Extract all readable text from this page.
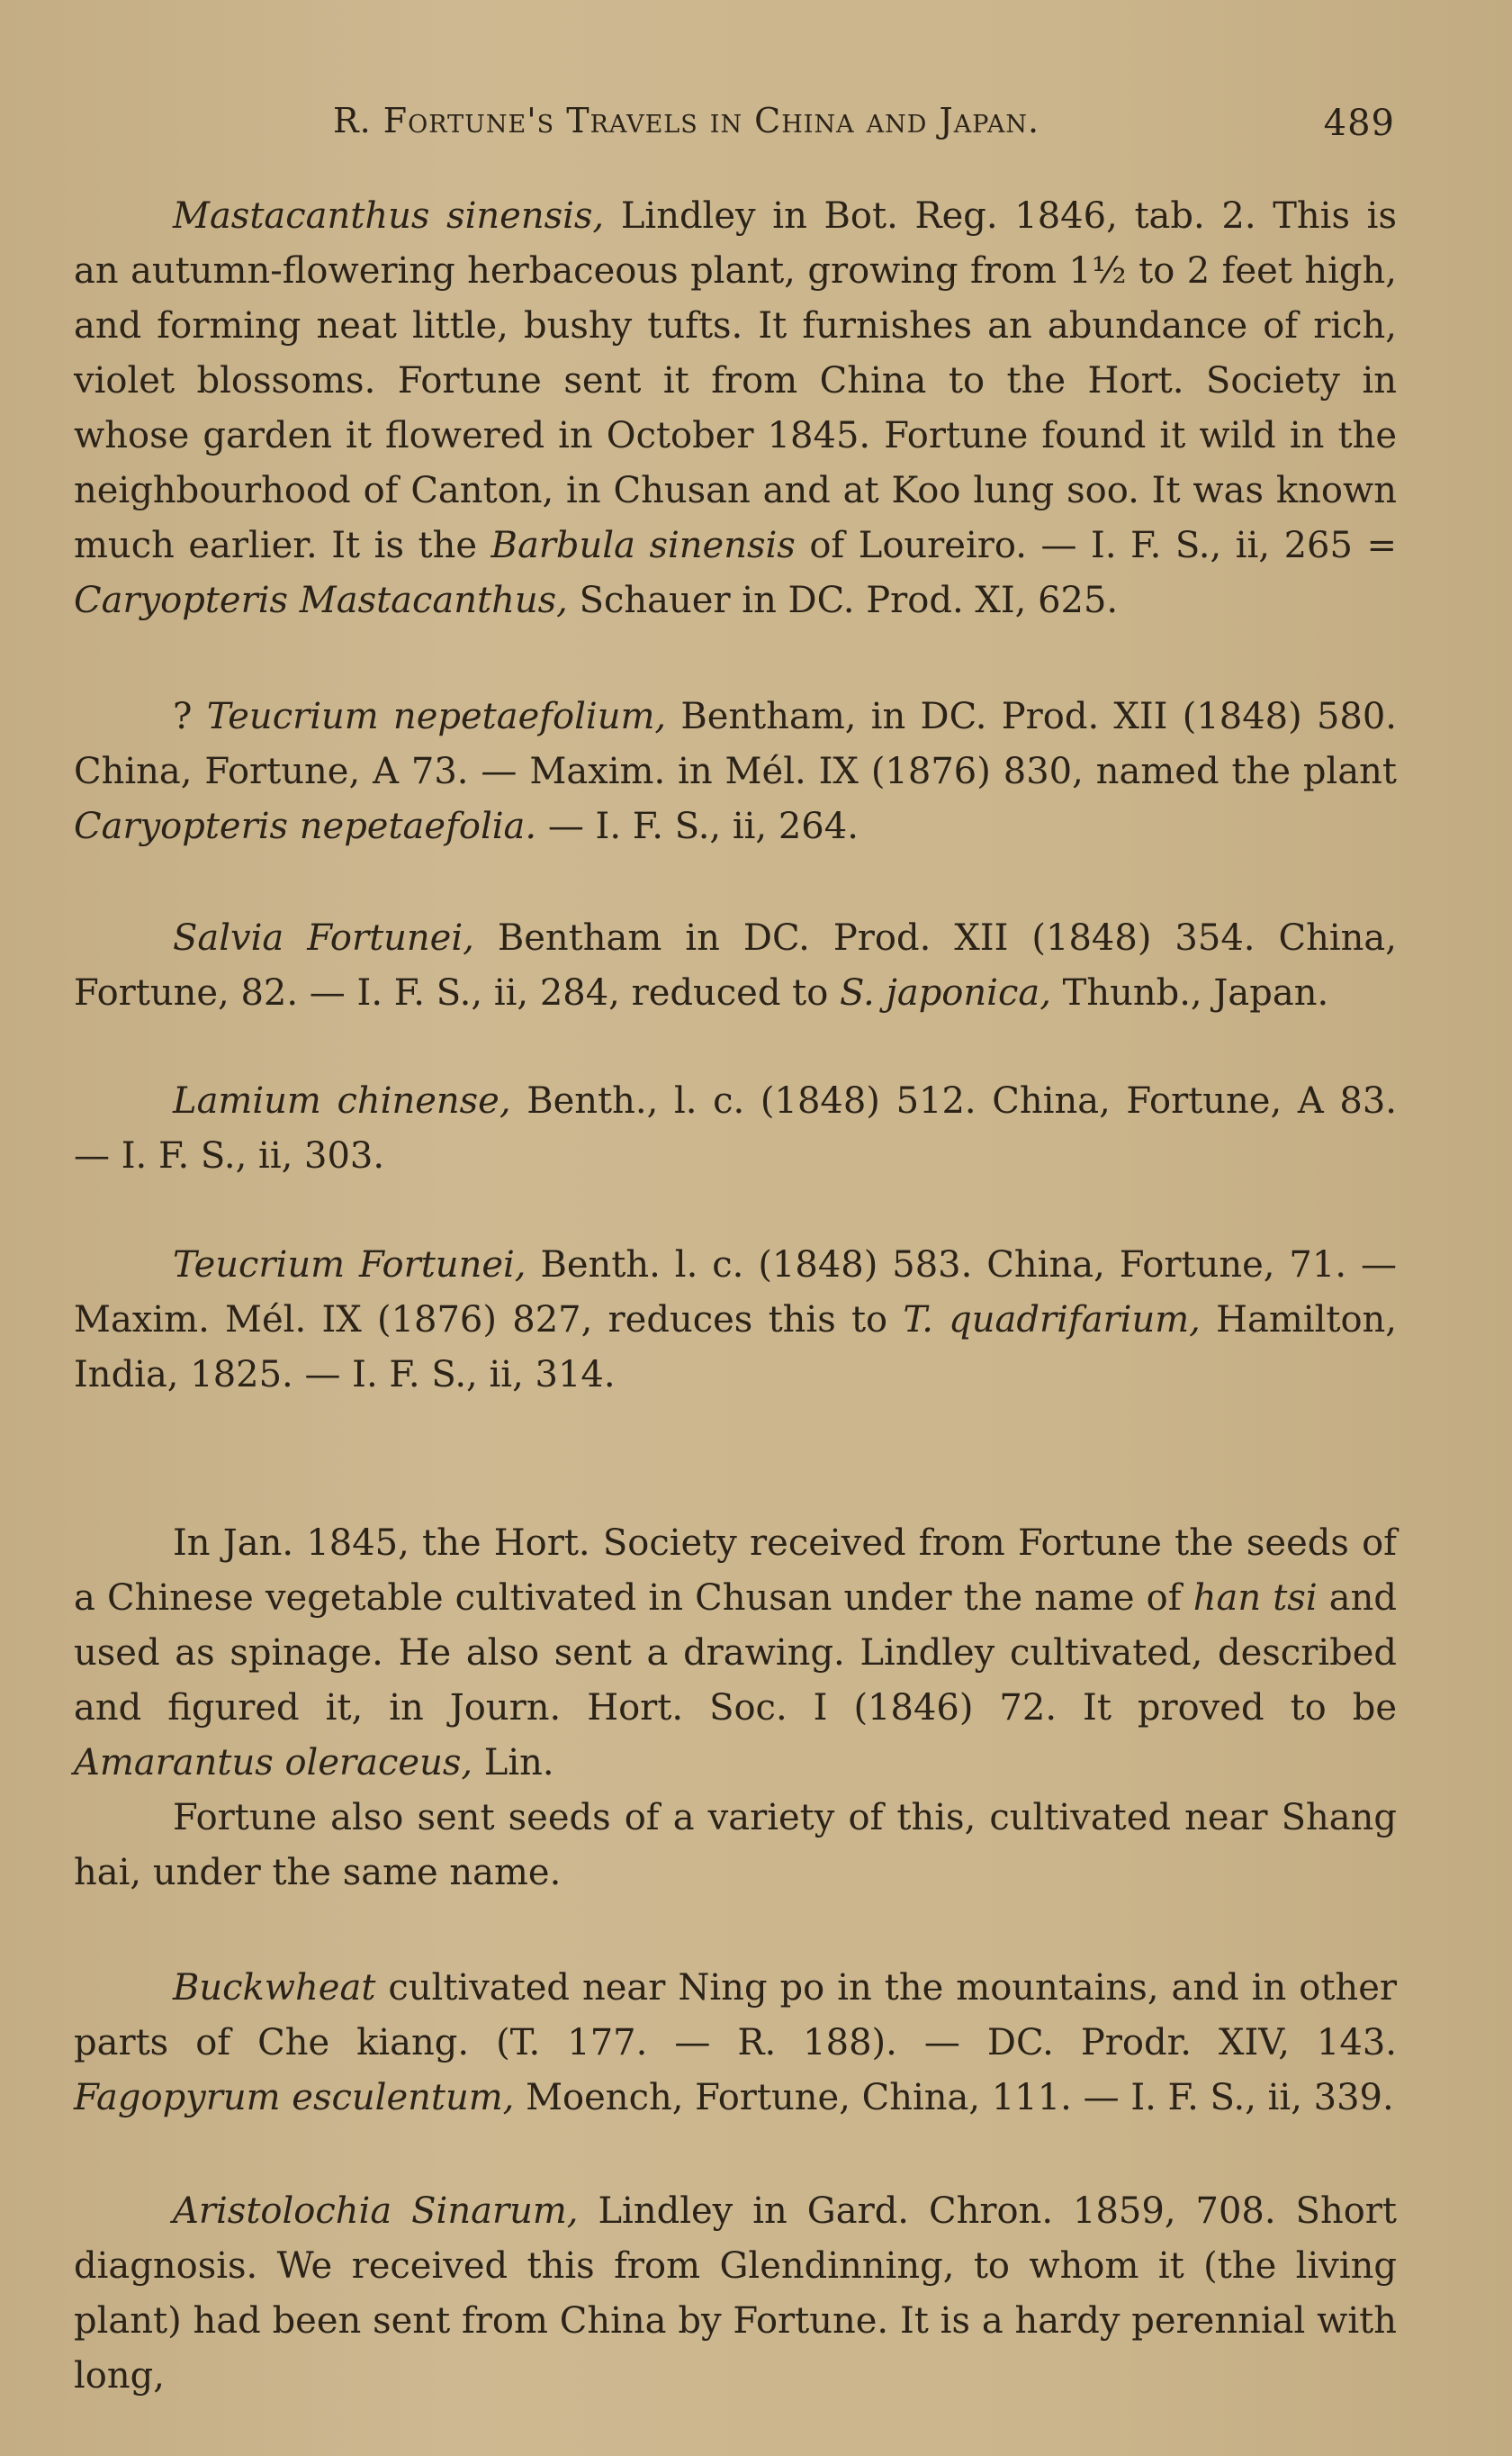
R. Fortune's Travels in China and Japan.	489

Mastacanthus sinensis, Lindley in Bot. Reg. 1846, tab. 2. This is an autumn-flowering herbaceous plant, growing from 1½ to 2 feet high, and forming neat little, bushy tufts. It furnishes an abundance of rich, violet blossoms. Fortune sent it from China to the Hort. Society in whose garden it flowered in October 1845. Fortune found it wild in the neighbourhood of Canton, in Chusan and at Koo lung soo. It was known much earlier. It is the Barbula sinensis of Loureiro. — I. F. S., ii, 265 = Caryopteris Mastacanthus, Schauer in DC. Prod. XI, 625.

? Teucrium nepetaefolium, Bentham, in DC. Prod. XII (1848) 580. China, Fortune, A 73. — Maxim. in Mél. IX (1876) 830, named the plant Caryopteris nepetaefolia. — I. F. S., ii, 264.

Salvia Fortunei, Bentham in DC. Prod. XII (1848) 354. China, Fortune, 82. — I. F. S., ii, 284, reduced to S. japonica, Thunb., Japan.

Lamium chinense, Benth., l. c. (1848) 512. China, Fortune, A 83. — I. F. S., ii, 303.

Teucrium Fortunei, Benth. l. c. (1848) 583. China, Fortune, 71. — Maxim. Mél. IX (1876) 827, reduces this to T. quadrifarium, Hamilton, India, 1825. — I. F. S., ii, 314.

In Jan. 1845, the Hort. Society received from Fortune the seeds of a Chinese vegetable cultivated in Chusan under the name of han tsi and used as spinage. He also sent a drawing. Lindley cultivated, described and figured it, in Journ. Hort. Soc. I (1846) 72. It proved to be Amarantus oleraceus, Lin.

Fortune also sent seeds of a variety of this, cultivated near Shang hai, under the same name.

Buckwheat cultivated near Ning po in the mountains, and in other parts of Che kiang. (T. 177. — R. 188). — DC. Prodr. XIV, 143. Fagopyrum esculentum, Moench, Fortune, China, 111. — I. F. S., ii, 339.

Aristolochia Sinarum, Lindley in Gard. Chron. 1859, 708. Short diagnosis. We received this from Glendinning, to whom it (the living plant) had been sent from China by Fortune. It is a hardy perennial with long,
